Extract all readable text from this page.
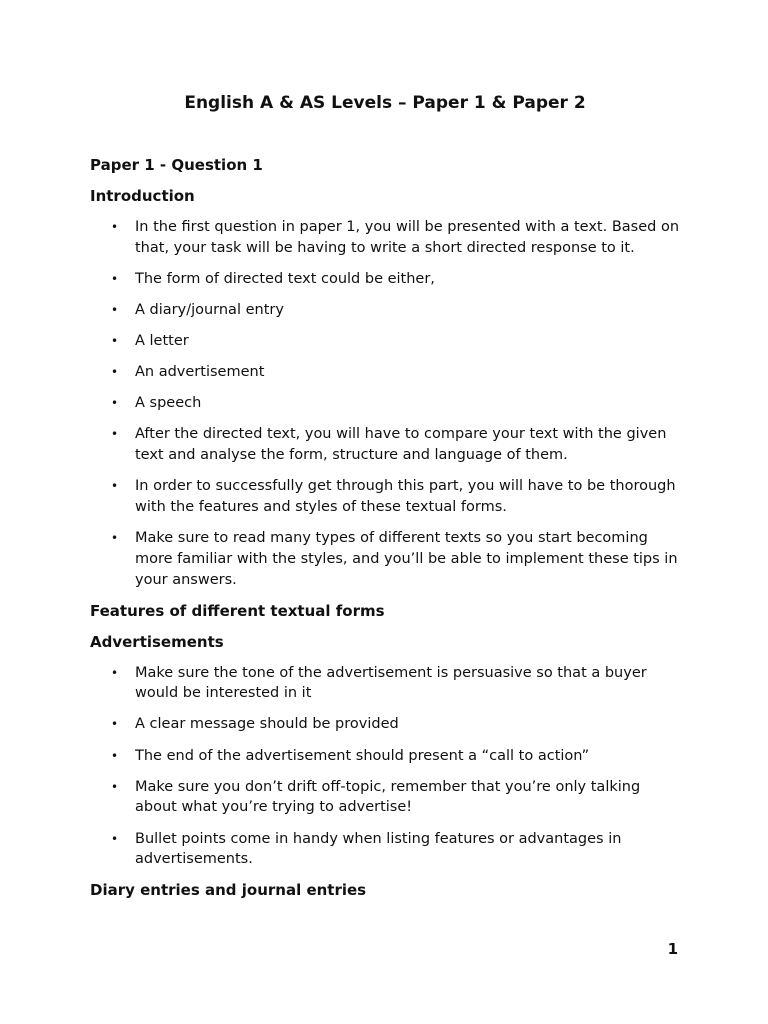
English A & AS Levels – Paper 1 & Paper 2
Paper 1 - Question 1
Introduction
• In the first question in paper 1, you will be presented with a text. Based on that, your task will be having to write a short directed response to it.
• The form of directed text could be either,
• A diary/journal entry
• A letter
• An advertisement
• A speech
• After the directed text, you will have to compare your text with the given text and analyse the form, structure and language of them.
• In order to successfully get through this part, you will have to be thorough with the features and styles of these textual forms.
• Make sure to read many types of different texts so you start becoming more familiar with the styles, and you’ll be able to implement these tips in your answers.
Features of different textual forms
Advertisements
• Make sure the tone of the advertisement is persuasive so that a buyer would be interested in it
• A clear message should be provided
• The end of the advertisement should present a “call to action”
• Make sure you don’t drift off-topic, remember that you’re only talking about what you’re trying to advertise!
• Bullet points come in handy when listing features or advantages in advertisements.
Diary entries and journal entries
1
